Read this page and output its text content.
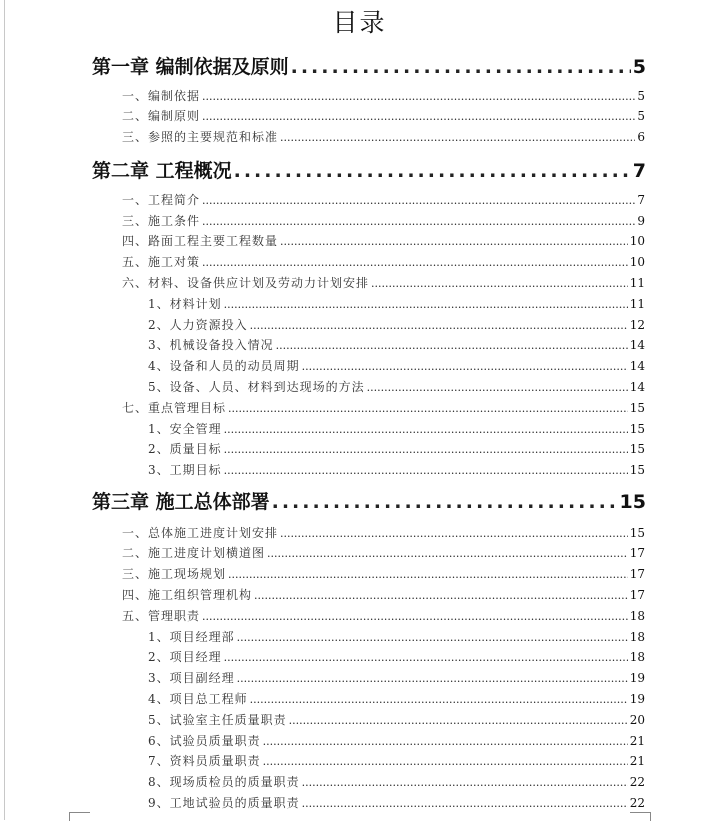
目录
第一章 编制依据及原则 .....	5
一、编制依据 .....	5
二、编制原则 .....	5
三、参照的主要规范和标准 .....	6
第二章 工程概况 .....	7
一、工程简介 .....	7
三、施工条件 .....	9
四、路面工程主要工程数量 .....	10
五、施工对策 .....	10
六、材料、设备供应计划及劳动力计划安排 .....	11
1、材料计划 .....	11
2、人力资源投入 .....	12
3、机械设备投入情况 .....	14
4、设备和人员的动员周期 .....	14
5、设备、人员、材料到达现场的方法 .....	14
七、重点管理目标 .....	15
1、安全管理 .....	15
2、质量目标 .....	15
3、工期目标 .....	15
第三章 施工总体部署 .....	15
一、总体施工进度计划安排 .....	15
二、施工进度计划横道图 .....	17
三、施工现场规划 .....	17
四、施工组织管理机构 .....	17
五、管理职责 .....	18
1、项目经理部 .....	18
2、项目经理 .....	18
3、项目副经理 .....	19
4、项目总工程师 .....	19
5、试验室主任质量职责 .....	20
6、试验员质量职责 .....	21
7、资料员质量职责 .....	21
8、现场质检员的质量职责 .....	22
9、工地试验员的质量职责 .....	22
